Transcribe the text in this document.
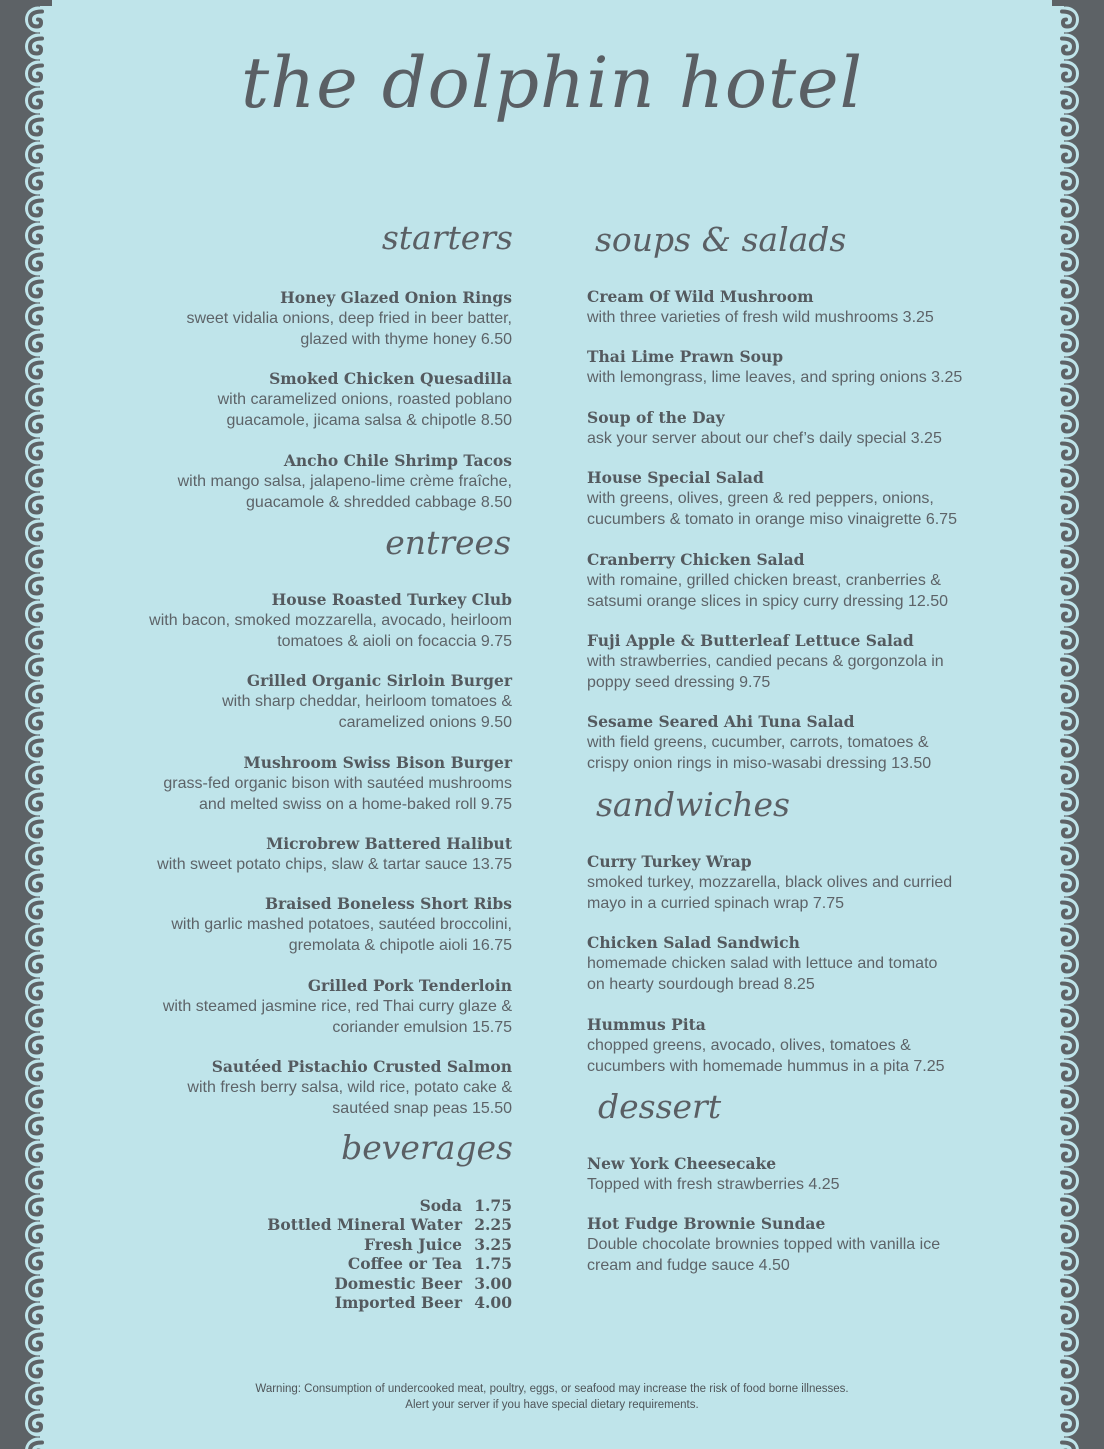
the dolphin hotel
starters
Honey Glazed Onion Rings
sweet vidalia onions, deep fried in beer batter,
glazed with thyme honey 6.50
Smoked Chicken Quesadilla
with caramelized onions, roasted poblano
guacamole, jicama salsa & chipotle 8.50
Ancho Chile Shrimp Tacos
with mango salsa, jalapeno-lime crème fraîche,
guacamole & shredded cabbage 8.50
entrees
House Roasted Turkey Club
with bacon, smoked mozzarella, avocado, heirloom
tomatoes & aioli on focaccia 9.75
Grilled Organic Sirloin Burger
with sharp cheddar, heirloom tomatoes &
caramelized onions 9.50
Mushroom Swiss Bison Burger
grass-fed organic bison with sautéed mushrooms
and melted swiss on a home-baked roll 9.75
Microbrew Battered Halibut
with sweet potato chips, slaw & tartar sauce 13.75
Braised Boneless Short Ribs
with garlic mashed potatoes, sautéed broccolini,
gremolata & chipotle aioli 16.75
Grilled Pork Tenderloin
with steamed jasmine rice, red Thai curry glaze &
coriander emulsion 15.75
Sautéed Pistachio Crusted Salmon
with fresh berry salsa, wild rice, potato cake &
sautéed snap peas 15.50
beverages
Soda 1.75
Bottled Mineral Water 2.25
Fresh Juice 3.25
Coffee or Tea 1.75
Domestic Beer 3.00
Imported Beer 4.00
soups & salads
Cream Of Wild Mushroom
with three varieties of fresh wild mushrooms 3.25
Thai Lime Prawn Soup
with lemongrass, lime leaves, and spring onions 3.25
Soup of the Day
ask your server about our chef’s daily special 3.25
House Special Salad
with greens, olives, green & red peppers, onions,
cucumbers & tomato in orange miso vinaigrette 6.75
Cranberry Chicken Salad
with romaine, grilled chicken breast, cranberries &
satsumi orange slices in spicy curry dressing 12.50
Fuji Apple & Butterleaf Lettuce Salad
with strawberries, candied pecans & gorgonzola in
poppy seed dressing 9.75
Sesame Seared Ahi Tuna Salad
with field greens, cucumber, carrots, tomatoes &
crispy onion rings in miso-wasabi dressing 13.50
sandwiches
Curry Turkey Wrap
smoked turkey, mozzarella, black olives and curried
mayo in a curried spinach wrap 7.75
Chicken Salad Sandwich
homemade chicken salad with lettuce and tomato
on hearty sourdough bread 8.25
Hummus Pita
chopped greens, avocado, olives, tomatoes &
cucumbers with homemade hummus in a pita 7.25
dessert
New York Cheesecake
Topped with fresh strawberries 4.25
Hot Fudge Brownie Sundae
Double chocolate brownies topped with vanilla ice
cream and fudge sauce 4.50
Warning: Consumption of undercooked meat, poultry, eggs, or seafood may increase the risk of food borne illnesses.
Alert your server if you have special dietary requirements.
